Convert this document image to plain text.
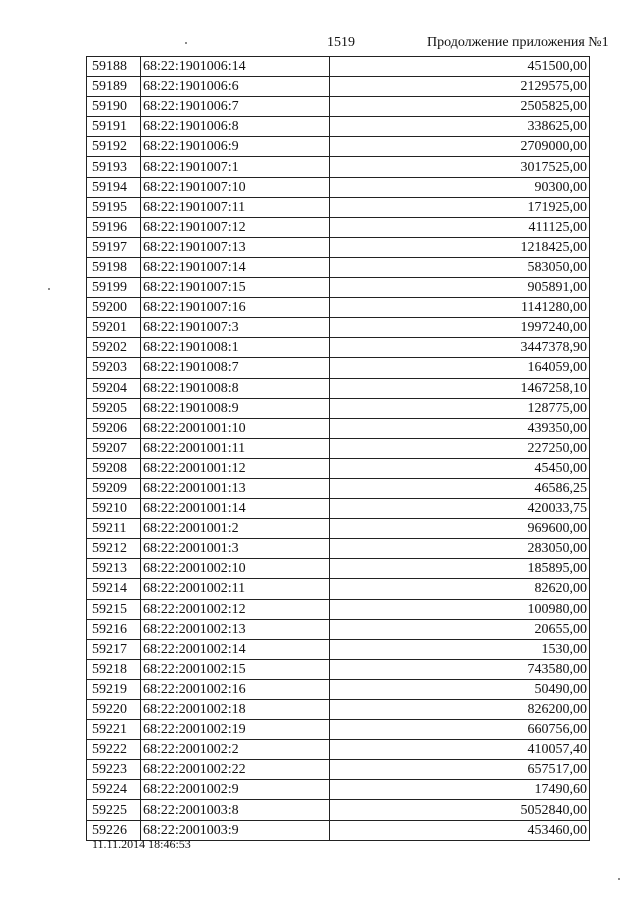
1519	Продолжение приложения №1
59188	68:22:1901006:14	451500,00
59189	68:22:1901006:6	2129575,00
59190	68:22:1901006:7	2505825,00
59191	68:22:1901006:8	338625,00
59192	68:22:1901006:9	2709000,00
59193	68:22:1901007:1	3017525,00
59194	68:22:1901007:10	90300,00
59195	68:22:1901007:11	171925,00
59196	68:22:1901007:12	411125,00
59197	68:22:1901007:13	1218425,00
59198	68:22:1901007:14	583050,00
59199	68:22:1901007:15	905891,00
59200	68:22:1901007:16	1141280,00
59201	68:22:1901007:3	1997240,00
59202	68:22:1901008:1	3447378,90
59203	68:22:1901008:7	164059,00
59204	68:22:1901008:8	1467258,10
59205	68:22:1901008:9	128775,00
59206	68:22:2001001:10	439350,00
59207	68:22:2001001:11	227250,00
59208	68:22:2001001:12	45450,00
59209	68:22:2001001:13	46586,25
59210	68:22:2001001:14	420033,75
59211	68:22:2001001:2	969600,00
59212	68:22:2001001:3	283050,00
59213	68:22:2001002:10	185895,00
59214	68:22:2001002:11	82620,00
59215	68:22:2001002:12	100980,00
59216	68:22:2001002:13	20655,00
59217	68:22:2001002:14	1530,00
59218	68:22:2001002:15	743580,00
59219	68:22:2001002:16	50490,00
59220	68:22:2001002:18	826200,00
59221	68:22:2001002:19	660756,00
59222	68:22:2001002:2	410057,40
59223	68:22:2001002:22	657517,00
59224	68:22:2001002:9	17490,60
59225	68:22:2001003:8	5052840,00
59226	68:22:2001003:9	453460,00
11.11.2014 18:46:53
